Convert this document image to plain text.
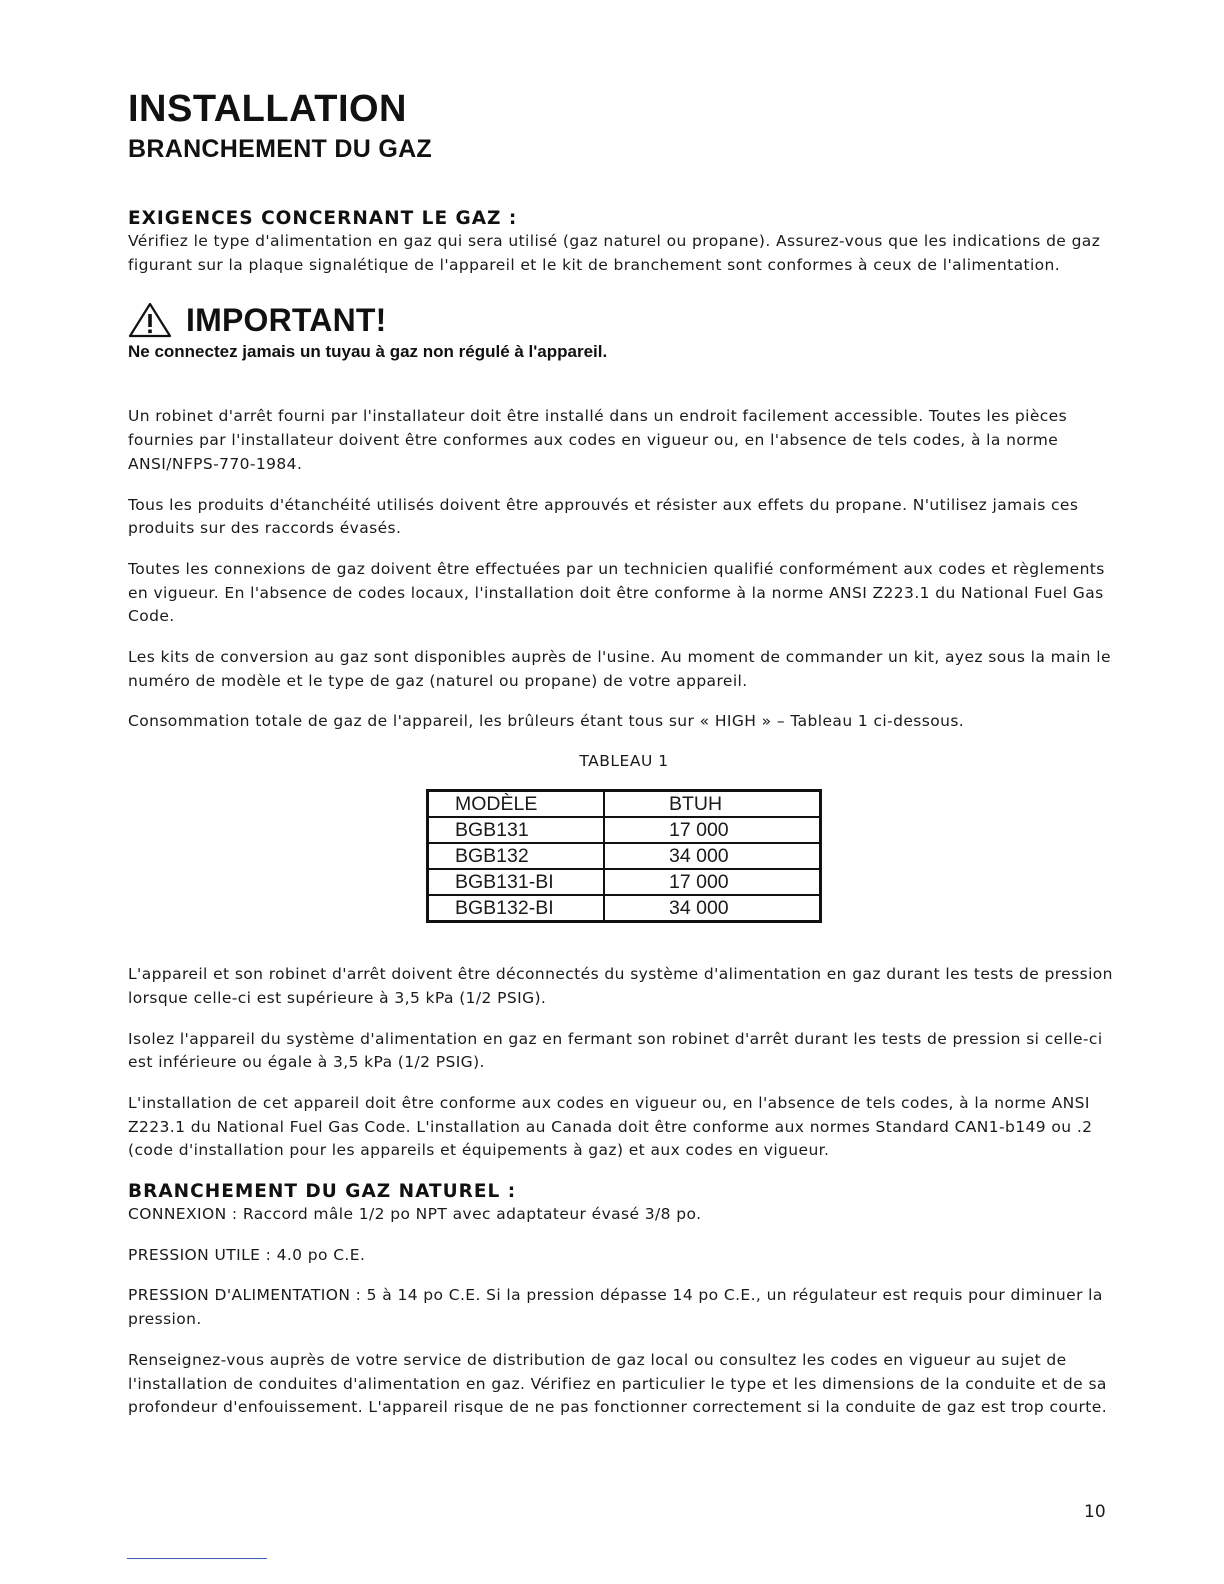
INSTALLATION
BRANCHEMENT DU GAZ
EXIGENCES CONCERNANT LE GAZ :

Vérifiez le type d'alimentation en gaz qui sera utilisé (gaz naturel ou propane). Assurez-vous que les indications de gaz figurant sur la plaque signalétique de l'appareil et le kit de branchement sont conformes à ceux de l'alimentation.

IMPORTANT!
Ne connectez jamais un tuyau à gaz non régulé à l'appareil.

Un robinet d'arrêt fourni par l'installateur doit être installé dans un endroit facilement accessible. Toutes les pièces fournies par l'installateur doivent être conformes aux codes en vigueur ou, en l'absence de tels codes, à la norme ANSI/NFPS-770-1984.

Tous les produits d'étanchéité utilisés doivent être approuvés et résister aux effets du propane. N'utilisez jamais ces produits sur des raccords évasés.

Toutes les connexions de gaz doivent être effectuées par un technicien qualifié conformément aux codes et règlements en vigueur. En l'absence de codes locaux, l'installation doit être conforme à la norme ANSI Z223.1 du National Fuel Gas Code.

Les kits de conversion au gaz sont disponibles auprès de l'usine. Au moment de commander un kit, ayez sous la main le numéro de modèle et le type de gaz (naturel ou propane) de votre appareil.

Consommation totale de gaz de l'appareil, les brûleurs étant tous sur « HIGH » – Tableau 1 ci-dessous.

TABLEAU 1
MODÈLE	BTUH
BGB131	17 000
BGB132	34 000
BGB131-BI	17 000
BGB132-BI	34 000

L'appareil et son robinet d'arrêt doivent être déconnectés du système d'alimentation en gaz durant les tests de pression lorsque celle-ci est supérieure à 3,5 kPa (1/2 PSIG).

Isolez l'appareil du système d'alimentation en gaz en fermant son robinet d'arrêt durant les tests de pression si celle-ci est inférieure ou égale à 3,5 kPa (1/2 PSIG).

L'installation de cet appareil doit être conforme aux codes en vigueur ou, en l'absence de tels codes, à la norme ANSI Z223.1 du National Fuel Gas Code. L'installation au Canada doit être conforme aux normes Standard CAN1-b149 ou .2 (code d'installation pour les appareils et équipements à gaz) et aux codes en vigueur.

BRANCHEMENT DU GAZ NATUREL :

CONNEXION : Raccord mâle 1/2 po NPT avec adaptateur évasé 3/8 po.

PRESSION UTILE : 4.0 po C.E.

PRESSION D'ALIMENTATION : 5 à 14 po C.E. Si la pression dépasse 14 po C.E., un régulateur est requis pour diminuer la pression.

Renseignez-vous auprès de votre service de distribution de gaz local ou consultez les codes en vigueur au sujet de l'installation de conduites d'alimentation en gaz. Vérifiez en particulier le type et les dimensions de la conduite et de sa profondeur d'enfouissement. L'appareil risque de ne pas fonctionner correctement si la conduite de gaz est trop courte.

10
